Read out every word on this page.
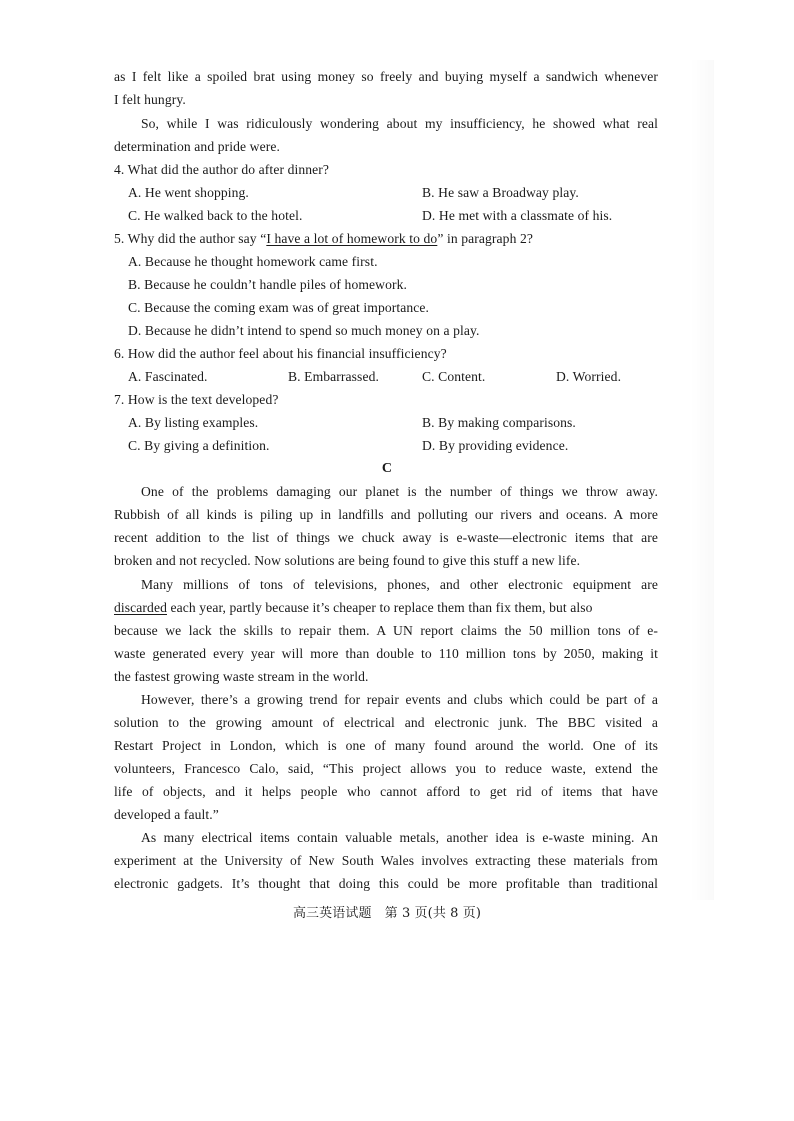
as I felt like a spoiled brat using money so freely and buying myself a sandwich whenever
I felt hungry.
So, while I was ridiculously wondering about my insufficiency, he showed what real
determination and pride were.
4. What did the author do after dinner?
A. He went shopping.	B. He saw a Broadway play.
C. He walked back to the hotel.	D. He met with a classmate of his.
5. Why did the author say “I have a lot of homework to do” in paragraph 2?
A. Because he thought homework came first.
B. Because he couldn’t handle piles of homework.
C. Because the coming exam was of great importance.
D. Because he didn’t intend to spend so much money on a play.
6. How did the author feel about his financial insufficiency?
A. Fascinated.	B. Embarrassed.	C. Content.	D. Worried.
7. How is the text developed?
A. By listing examples.	B. By making comparisons.
C. By giving a definition.	D. By providing evidence.
C
One of the problems damaging our planet is the number of things we throw away.
Rubbish of all kinds is piling up in landfills and polluting our rivers and oceans. A more
recent addition to the list of things we chuck away is e-waste—electronic items that are
broken and not recycled. Now solutions are being found to give this stuff a new life.
Many millions of tons of televisions, phones, and other electronic equipment are
discarded each year, partly because it’s cheaper to replace them than fix them, but also
because we lack the skills to repair them. A UN report claims the 50 million tons of e-
waste generated every year will more than double to 110 million tons by 2050, making it
the fastest growing waste stream in the world.
However, there’s a growing trend for repair events and clubs which could be part of a
solution to the growing amount of electrical and electronic junk. The BBC visited a
Restart Project in London, which is one of many found around the world. One of its
volunteers, Francesco Calo, said, “This project allows you to reduce waste, extend the
life of objects, and it helps people who cannot afford to get rid of items that have
developed a fault.”
As many electrical items contain valuable metals, another idea is e-waste mining. An
experiment at the University of New South Wales involves extracting these materials from
electronic gadgets. It’s thought that doing this could be more profitable than traditional
高三英语试题　第 3 页(共 8 页)
